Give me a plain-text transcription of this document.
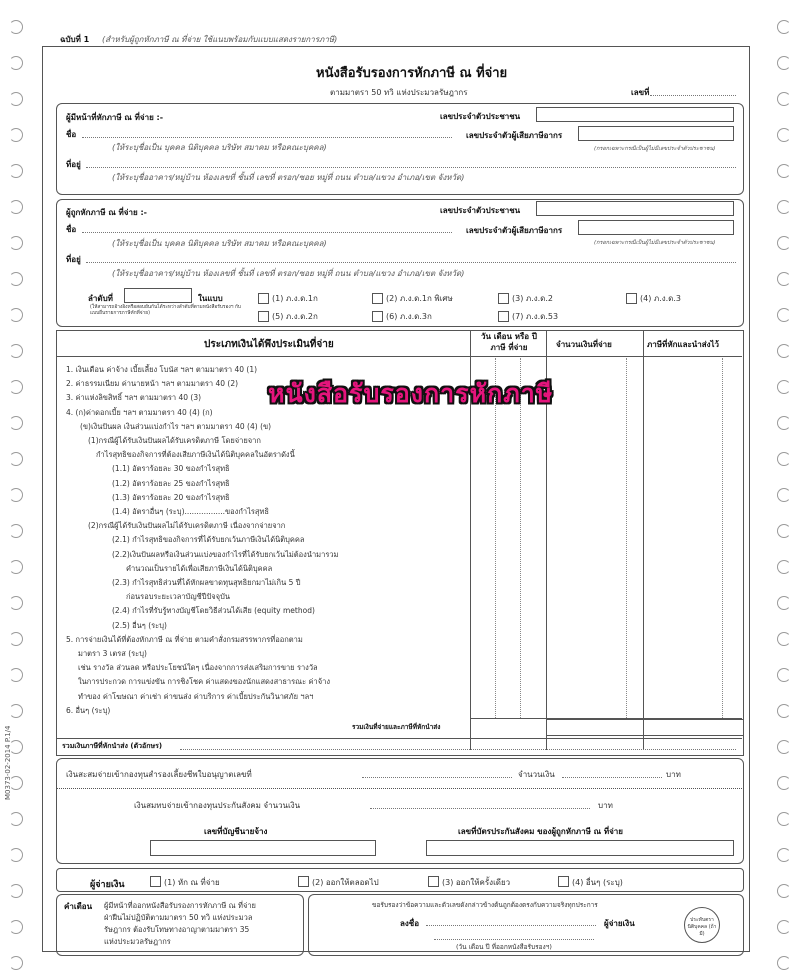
M0373-02-2014 P.1/4
ฉบับที่ 1 (สำหรับผู้ถูกหักภาษี ณ ที่จ่าย ใช้แนบพร้อมกับแบบแสดงรายการภาษี)
หนังสือรับรองการหักภาษี ณ ที่จ่าย
ตามมาตรา 50 ทวิ แห่งประมวลรัษฎากร	เลขที่
ผู้มีหน้าที่หักภาษี ณ ที่จ่าย :-
ชื่อ
(ให้ระบุชื่อเป็น บุคคล นิติบุคคล บริษัท สมาคม หรือคณะบุคคล)
ที่อยู่
(ให้ระบุชื่ออาคาร/หมู่บ้าน ห้องเลขที่ ชั้นที่ เลขที่ ตรอก/ซอย หมู่ที่ ถนน ตำบล/แขวง อำเภอ/เขต จังหวัด)
เลขประจำตัวประชาชน
เลขประจำตัวผู้เสียภาษีอากร
(กรอกเฉพาะกรณีเป็นผู้ไม่มีเลขประจำตัวประชาชน)
ผู้ถูกหักภาษี ณ ที่จ่าย :-
ชื่อ
(ให้ระบุชื่อเป็น บุคคล นิติบุคคล บริษัท สมาคม หรือคณะบุคคล)
ที่อยู่
(ให้ระบุชื่ออาคาร/หมู่บ้าน ห้องเลขที่ ชั้นที่ เลขที่ ตรอก/ซอย หมู่ที่ ถนน ตำบล/แขวง อำเภอ/เขต จังหวัด)
เลขประจำตัวประชาชน
เลขประจำตัวผู้เสียภาษีอากร
(กรอกเฉพาะกรณีเป็นผู้ไม่มีเลขประจำตัวประชาชน)
ลำดับที่	ในแบบ
(ให้สามารถอ้างอิงหรือสอบยันกันได้ระหว่างลำดับที่ตามหนังสือรับรองฯ กับแบบยื่นรายการภาษีหักที่จ่าย)
(1) ภ.ง.ด.1ก	(2) ภ.ง.ด.1ก พิเศษ	(3) ภ.ง.ด.2	(4) ภ.ง.ด.3
(5) ภ.ง.ด.2ก	(6) ภ.ง.ด.3ก	(7) ภ.ง.ด.53
ประเภทเงินได้พึงประเมินที่จ่าย
วัน เดือน หรือ ปีภาษี ที่จ่าย	จำนวนเงินที่จ่าย	ภาษีที่หักและนำส่งไว้
1. เงินเดือน ค่าจ้าง เบี้ยเลี้ยง โบนัส ฯลฯ ตามมาตรา 40 (1)
2. ค่าธรรมเนียม ค่านายหน้า ฯลฯ ตามมาตรา 40 (2)
3. ค่าแห่งลิขสิทธิ์ ฯลฯ ตามมาตรา 40 (3)
4. (ก)ค่าดอกเบี้ย ฯลฯ ตามมาตรา 40 (4) (ก)
(ข)เงินปันผล เงินส่วนแบ่งกำไร ฯลฯ ตามมาตรา 40 (4) (ข)
(1)กรณีผู้ได้รับเงินปันผลได้รับเครดิตภาษี โดยจ่ายจาก
กำไรสุทธิของกิจการที่ต้องเสียภาษีเงินได้นิติบุคคลในอัตราดังนี้
(1.1) อัตราร้อยละ 30 ของกำไรสุทธิ
(1.2) อัตราร้อยละ 25 ของกำไรสุทธิ
(1.3) อัตราร้อยละ 20 ของกำไรสุทธิ
(1.4) อัตราอื่นๆ (ระบุ).................ของกำไรสุทธิ
(2)กรณีผู้ได้รับเงินปันผลไม่ได้รับเครดิตภาษี เนื่องจากจ่ายจาก
(2.1) กำไรสุทธิของกิจการที่ได้รับยกเว้นภาษีเงินได้นิติบุคคล
(2.2)เงินปันผลหรือเงินส่วนแบ่งของกำไรที่ได้รับยกเว้นไม่ต้องนำมารวม
คำนวณเป็นรายได้เพื่อเสียภาษีเงินได้นิติบุคคล
(2.3) กำไรสุทธิส่วนที่ได้หักผลขาดทุนสุทธิยกมาไม่เกิน 5 ปี
ก่อนรอบระยะเวลาบัญชีปีปัจจุบัน
(2.4) กำไรที่รับรู้ทางบัญชีโดยวิธีส่วนได้เสีย (equity method)
(2.5) อื่นๆ (ระบุ)
5. การจ่ายเงินได้ที่ต้องหักภาษี ณ ที่จ่าย ตามคำสั่งกรมสรรพากรที่ออกตาม
มาตรา 3 เตรส (ระบุ)
เช่น รางวัล ส่วนลด หรือประโยชน์ใดๆ เนื่องจากการส่งเสริมการขาย รางวัล
ในการประกวด การแข่งขัน การชิงโชค ค่าแสดงของนักแสดงสาธารณะ ค่าจ้าง
ทำของ ค่าโฆษณา ค่าเช่า ค่าขนส่ง ค่าบริการ ค่าเบี้ยประกันวินาศภัย ฯลฯ
6. อื่นๆ (ระบุ)
รวมเงินที่จ่ายและภาษีที่หักนำส่ง
รวมเงินภาษีที่หักนำส่ง (ตัวอักษร)
เงินสะสมจ่ายเข้ากองทุนสำรองเลี้ยงชีพใบอนุญาตเลขที่	จำนวนเงิน	บาท
เงินสมทบจ่ายเข้ากองทุนประกันสังคม จำนวนเงิน	บาท
เลขที่บัญชีนายจ้าง	เลขที่บัตรประกันสังคม ของผู้ถูกหักภาษี ณ ที่จ่าย
ผู้จ่ายเงิน	(1) หัก ณ ที่จ่าย	(2) ออกให้ตลอดไป	(3) ออกให้ครั้งเดียว	(4) อื่นๆ (ระบุ)
คำเตือน ผู้มีหน้าที่ออกหนังสือรับรองการหักภาษี ณ ที่จ่าย
ฝ่าฝืนไม่ปฏิบัติตามมาตรา 50 ทวิ แห่งประมวล
รัษฎากร ต้องรับโทษทางอาญาตามมาตรา 35
แห่งประมวลรัษฎากร
ขอรับรองว่าข้อความและตัวเลขดังกล่าวข้างต้นถูกต้องตรงกับความจริงทุกประการ
ลงชื่อ	ผู้จ่ายเงิน
(วัน เดือน ปี ที่ออกหนังสือรับรองฯ)
ประทับตรา นิติบุคคล (ถ้ามี)
หนังสือรับรองการหักภาษี
